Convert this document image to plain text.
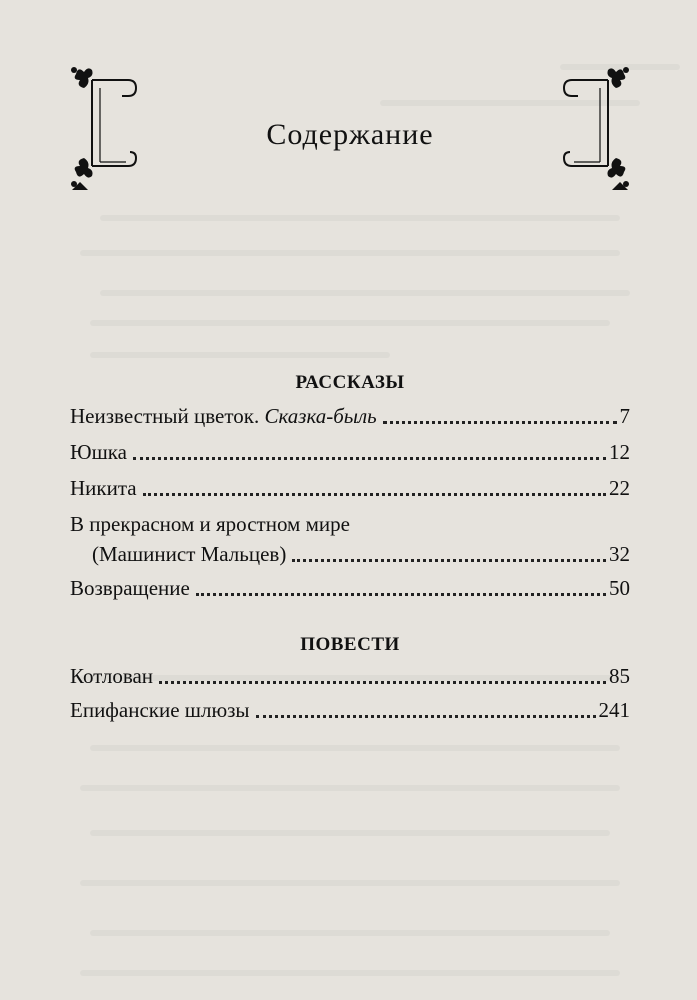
Содержание
РАССКАЗЫ
Неизвестный цветок. Сказка-быль	7
Юшка	12
Никита	22
В прекрасном и яростном мире
(Машинист Мальцев)	32
Возвращение	50
ПОВЕСТИ
Котлован	85
Епифанские шлюзы	241
